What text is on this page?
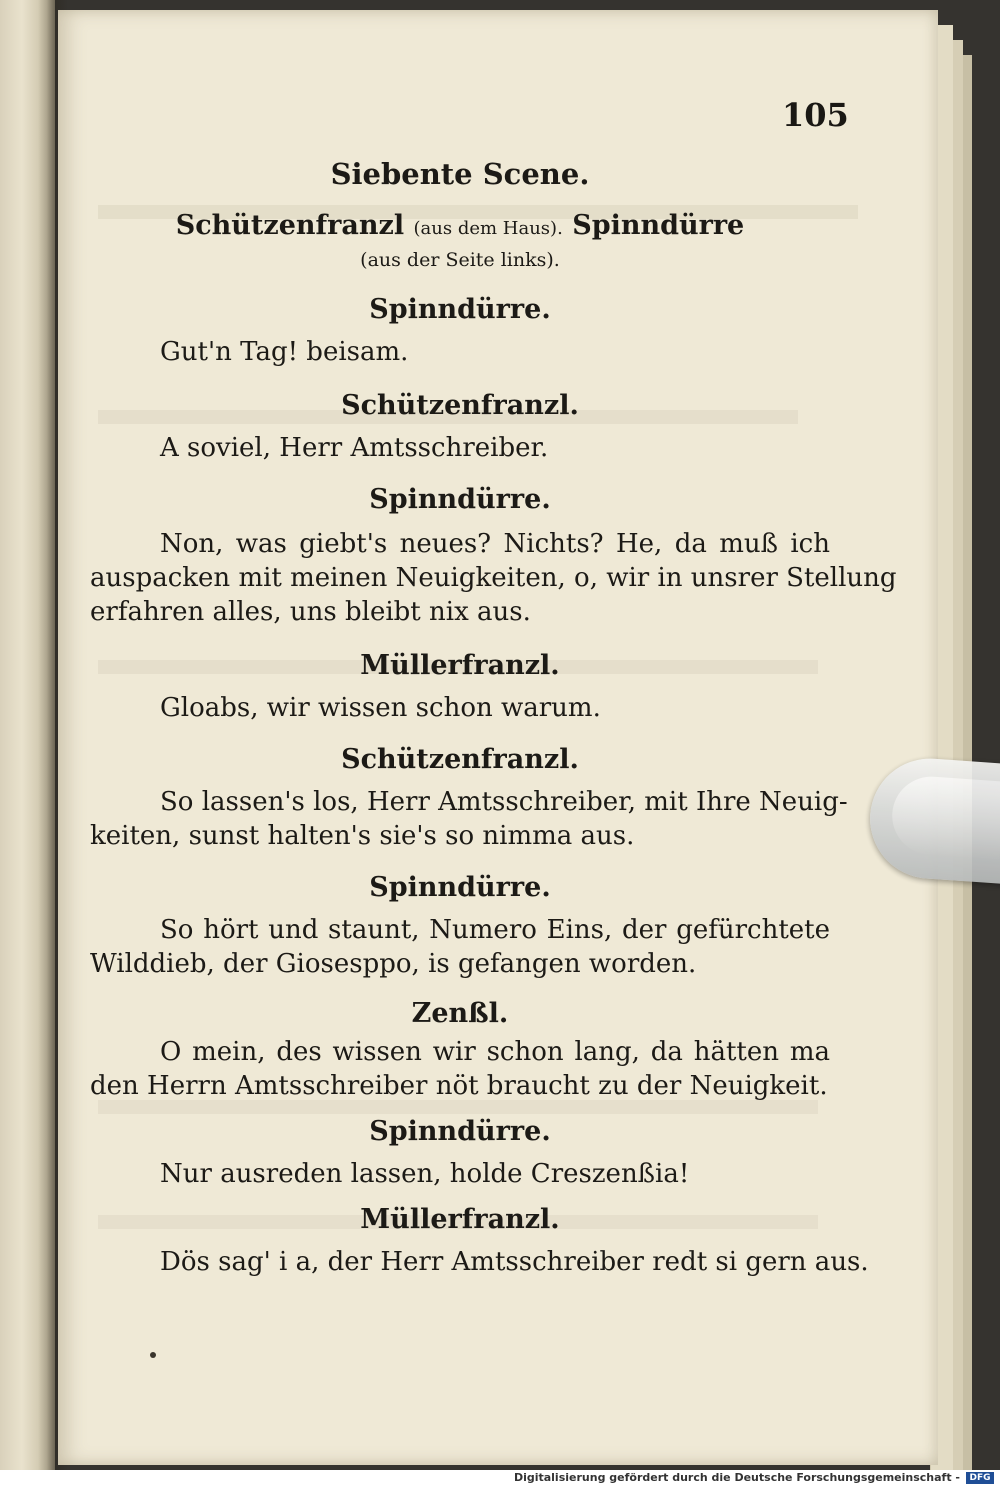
105
Siebente Scene.
Schützenfranzl (aus dem Haus). Spinndürre
(aus der Seite links).
Spinndürre.
Gut'n Tag! beisam.
Schützenfranzl.
A soviel, Herr Amtsschreiber.
Spinndürre.
Non, was giebt's neues? Nichts? He, da muß ich
auspacken mit meinen Neuigkeiten, o, wir in unsrer Stellung
erfahren alles, uns bleibt nix aus.
Müllerfranzl.
Gloabs, wir wissen schon warum.
Schützenfranzl.
So lassen's los, Herr Amtsschreiber, mit Ihre Neuig-
keiten, sunst halten's sie's so nimma aus.
Spinndürre.
So hört und staunt, Numero Eins, der gefürchtete
Wilddieb, der Giosesppo, is gefangen worden.
Zenßl.
O mein, des wissen wir schon lang, da hätten ma
den Herrn Amtsschreiber nöt braucht zu der Neuigkeit.
Spinndürre.
Nur ausreden lassen, holde Creszenßia!
Müllerfranzl.
Dös sag' i a, der Herr Amtsschreiber redt si gern aus.
Digitalisierung gefördert durch die Deutsche Forschungsgemeinschaft -	DFG
